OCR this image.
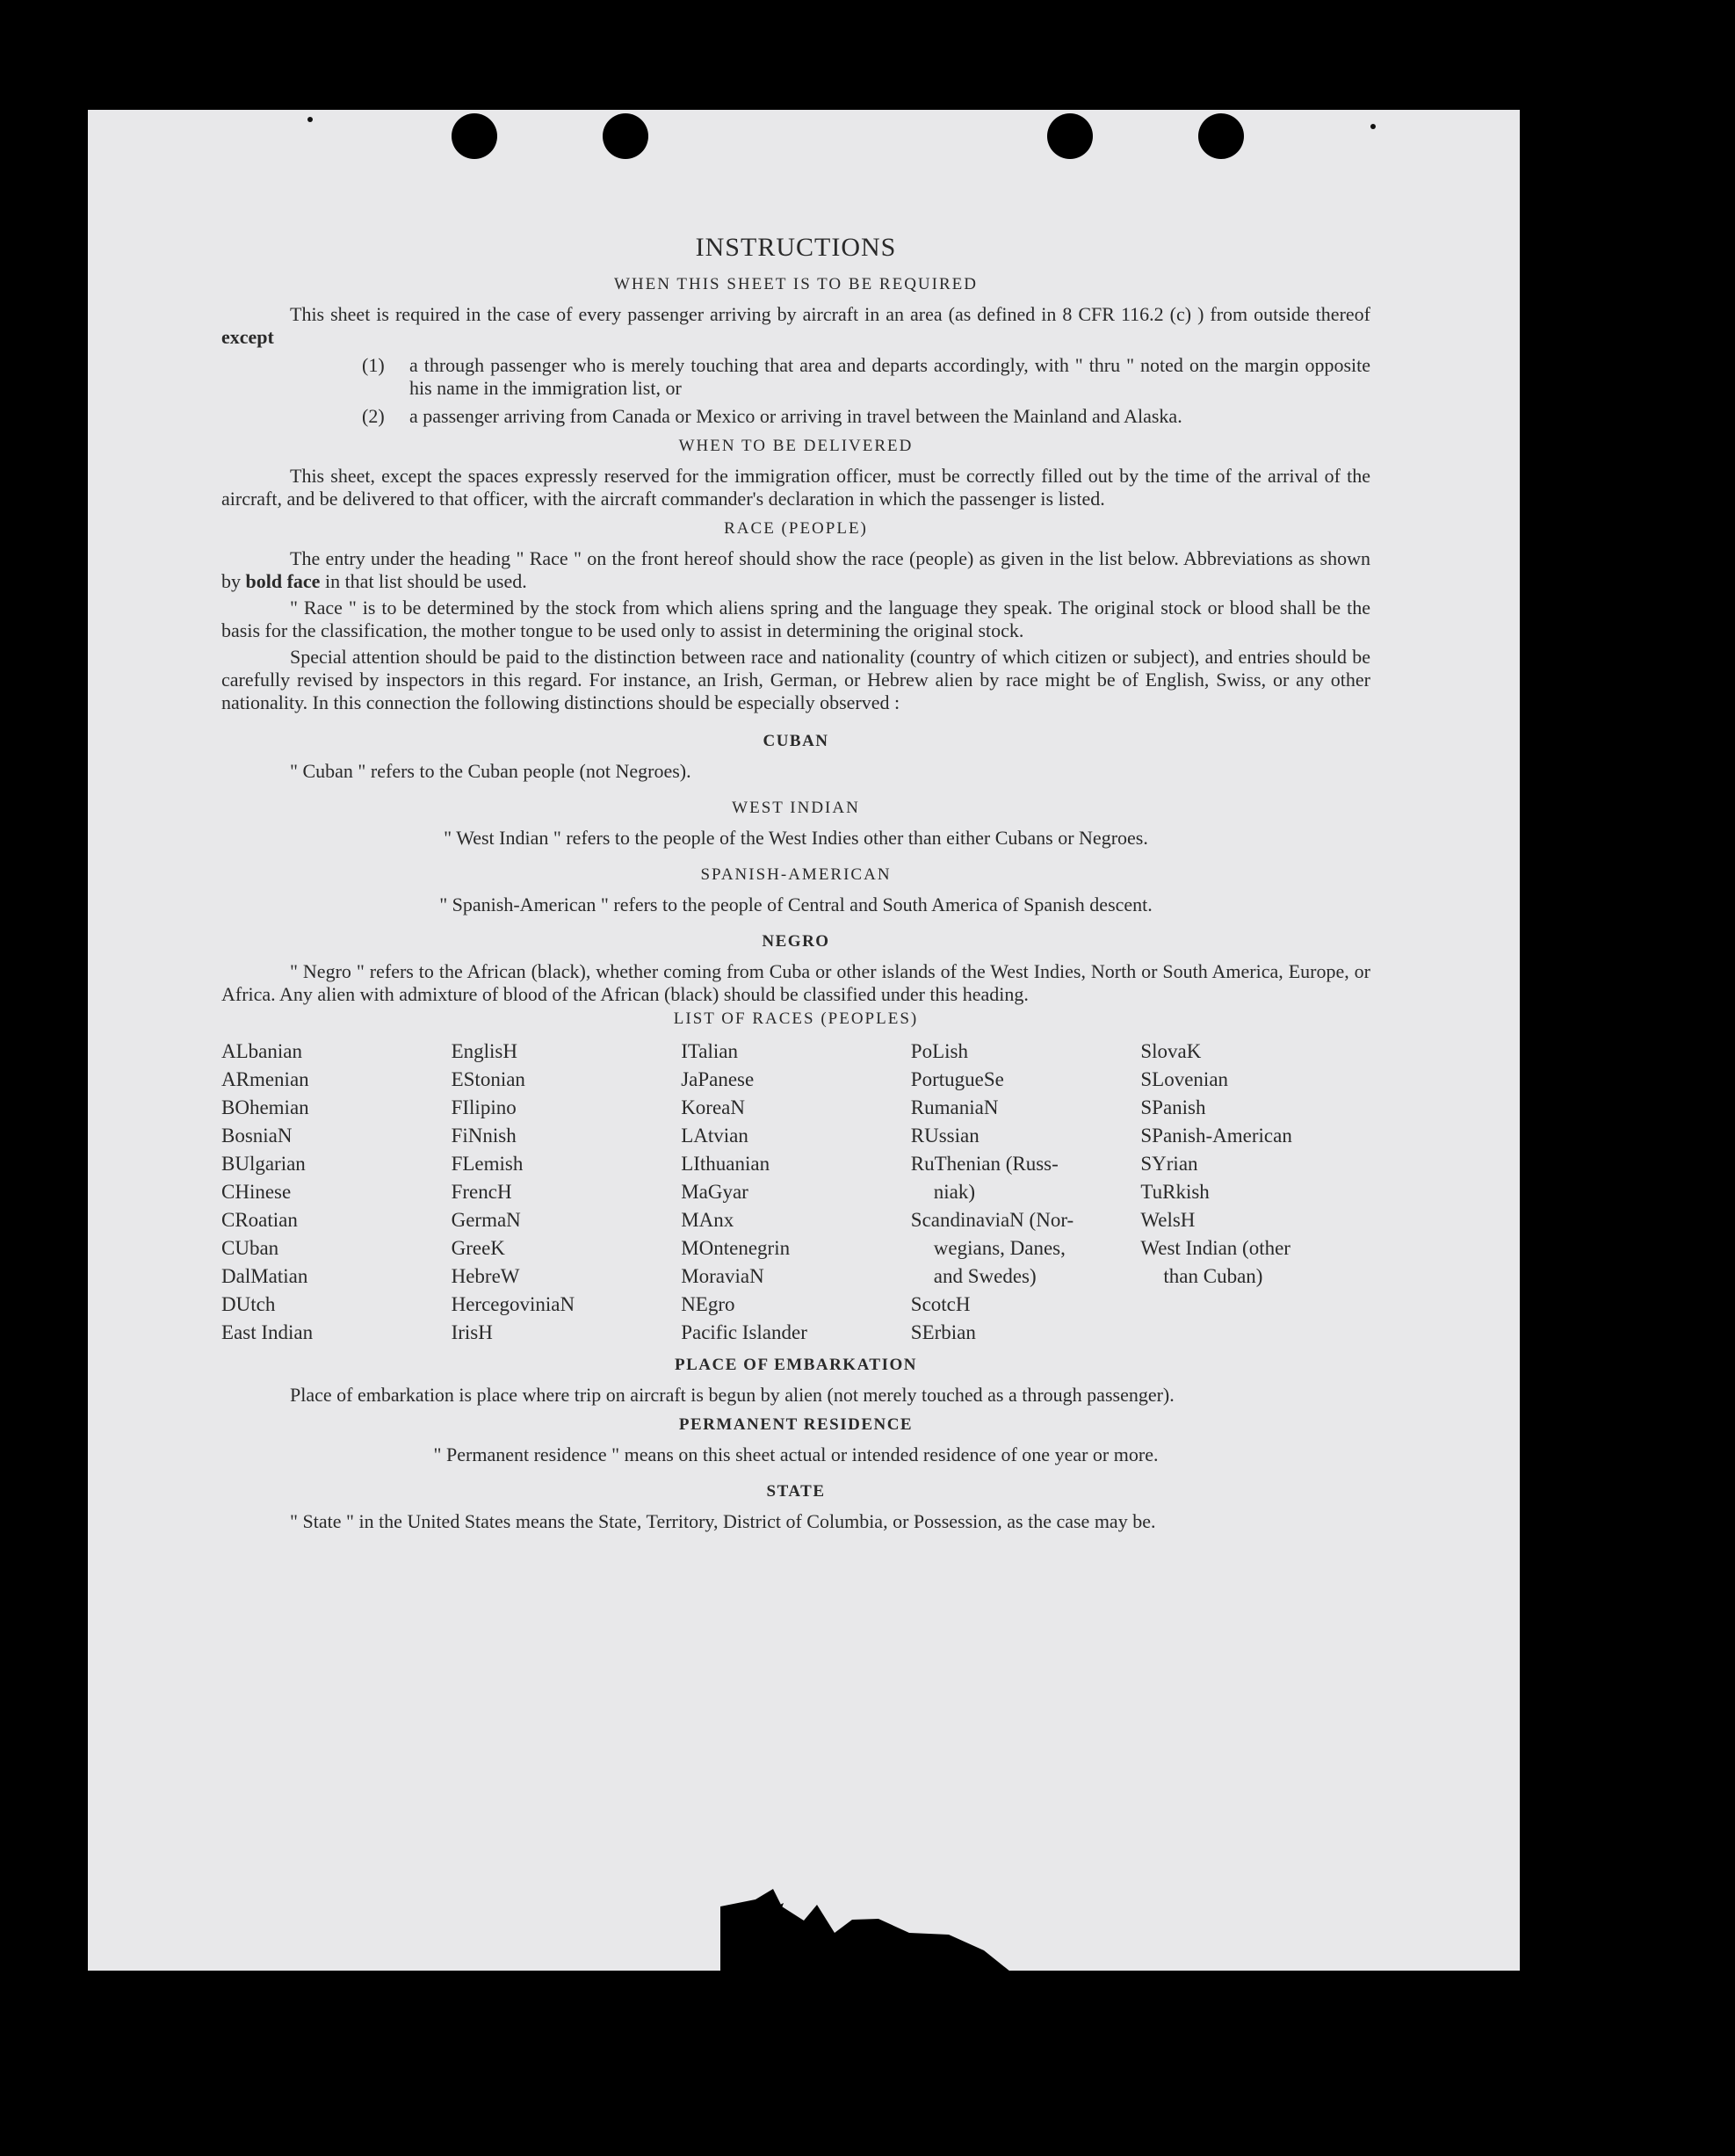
INSTRUCTIONS
WHEN THIS SHEET IS TO BE REQUIRED

This sheet is required in the case of every passenger arriving by aircraft in an area (as defined in 8 CFR 116.2 (c) ) from outside thereof except

(1)	a through passenger who is merely touching that area and departs accordingly, with " thru " noted on the margin opposite his name in the immigration list, or
(2)	a passenger arriving from Canada or Mexico or arriving in travel between the Mainland and Alaska.
WHEN TO BE DELIVERED

This sheet, except the spaces expressly reserved for the immigration officer, must be correctly filled out by the time of the arrival of the aircraft, and be delivered to that officer, with the aircraft commander's declaration in which the passenger is listed.

RACE (PEOPLE)

The entry under the heading " Race " on the front hereof should show the race (people) as given in the list below. Abbreviations as shown by bold face in that list should be used.

" Race " is to be determined by the stock from which aliens spring and the language they speak. The original stock or blood shall be the basis for the classification, the mother tongue to be used only to assist in determining the original stock.

Special attention should be paid to the distinction between race and nationality (country of which citizen or subject), and entries should be carefully revised by inspectors in this regard. For instance, an Irish, German, or Hebrew alien by race might be of English, Swiss, or any other nationality. In this connection the following distinctions should be especially observed :

CUBAN
" Cuban " refers to the Cuban people (not Negroes).
WEST INDIAN
" West Indian " refers to the people of the West Indies other than either Cubans or Negroes.
SPANISH-AMERICAN
" Spanish-American " refers to the people of Central and South America of Spanish descent.
NEGRO

" Negro " refers to the African (black), whether coming from Cuba or other islands of the West Indies, North or South America, Europe, or Africa. Any alien with admixture of blood of the African (black) should be classified under this heading.

LIST OF RACES (PEOPLES)
ALbanian
ARmenian
BOhemian
BosniaN
BUlgarian
CHinese
CRoatian
CUban
DalMatian
DUtch
East Indian
EnglisH
EStonian
FIlipino
FiNnish
FLemish
FrencH
GermaN
GreeK
HebreW
HercegoviniaN
IrisH
ITalian
JaPanese
KoreaN
LAtvian
LIthuanian
MaGyar
MAnx
MOntenegrin
MoraviaN
NEgro
Pacific Islander
PoLish
PortugueSe
RumaniaN
RUssian
RuThenian (Russ-
niak)
ScandinaviaN (Nor-
wegians, Danes,
and Swedes)
ScotcH
SErbian
SlovaK
SLovenian
SPanish
SPanish-American
SYrian
TuRkish
WelsH
West Indian (other
than Cuban)
PLACE OF EMBARKATION

Place of embarkation is place where trip on aircraft is begun by alien (not merely touched as a through passenger).

PERMANENT RESIDENCE
" Permanent residence " means on this sheet actual or intended residence of one year or more.
STATE

" State " in the United States means the State, Territory, District of Columbia, or Possession, as the case may be.
